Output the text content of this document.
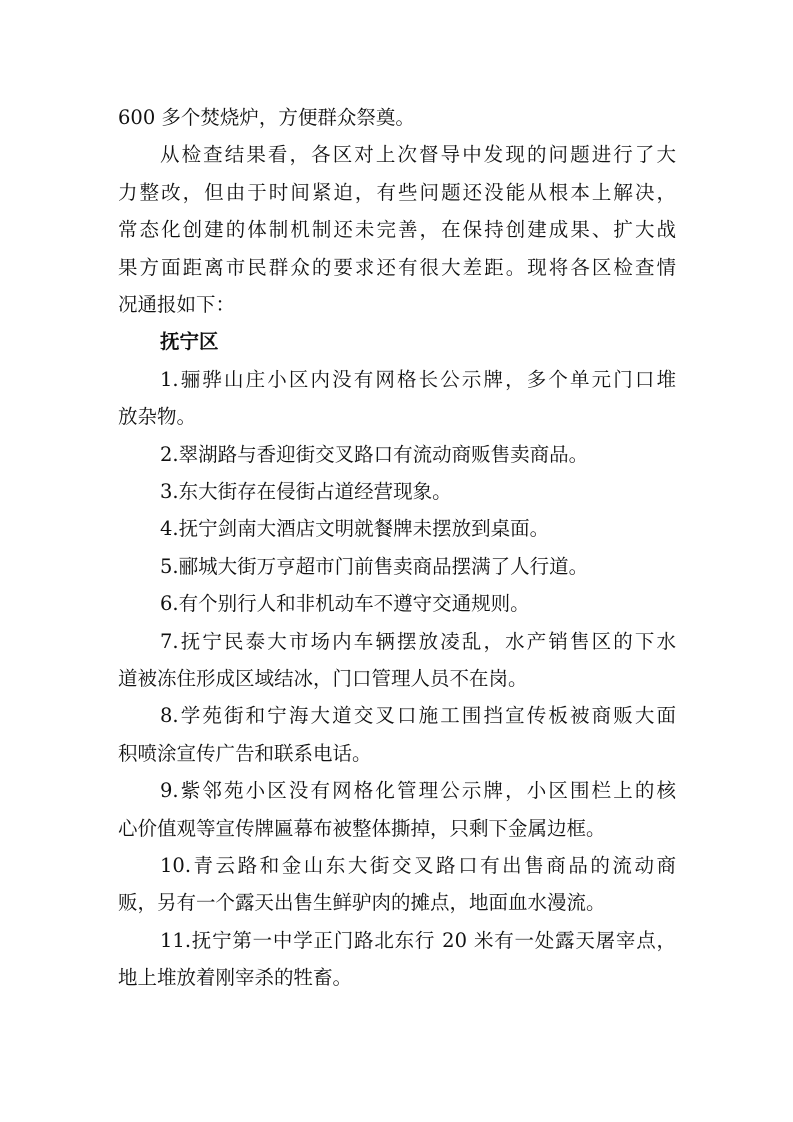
600 多个焚烧炉，方便群众祭奠。
从检查结果看，各区对上次督导中发现的问题进行了大
力整改，但由于时间紧迫，有些问题还没能从根本上解决，
常态化创建的体制机制还未完善，在保持创建成果、扩大战
果方面距离市民群众的要求还有很大差距。现将各区检查情
况通报如下：
抚宁区
1.骊骅山庄小区内没有网格长公示牌，多个单元门口堆
放杂物。
2.翠湖路与香迎街交叉路口有流动商贩售卖商品。
3.东大街存在侵街占道经营现象。
4.抚宁剑南大酒店文明就餐牌未摆放到桌面。
5.郦城大街万亨超市门前售卖商品摆满了人行道。
6.有个别行人和非机动车不遵守交通规则。
7.抚宁民泰大市场内车辆摆放凌乱，水产销售区的下水
道被冻住形成区域结冰，门口管理人员不在岗。
8.学苑街和宁海大道交叉口施工围挡宣传板被商贩大面
积喷涂宣传广告和联系电话。
9.紫邻苑小区没有网格化管理公示牌，小区围栏上的核
心价值观等宣传牌匾幕布被整体撕掉，只剩下金属边框。
10.青云路和金山东大街交叉路口有出售商品的流动商
贩，另有一个露天出售生鲜驴肉的摊点，地面血水漫流。
11.抚宁第一中学正门路北东行 20 米有一处露天屠宰点，
地上堆放着刚宰杀的牲畜。
